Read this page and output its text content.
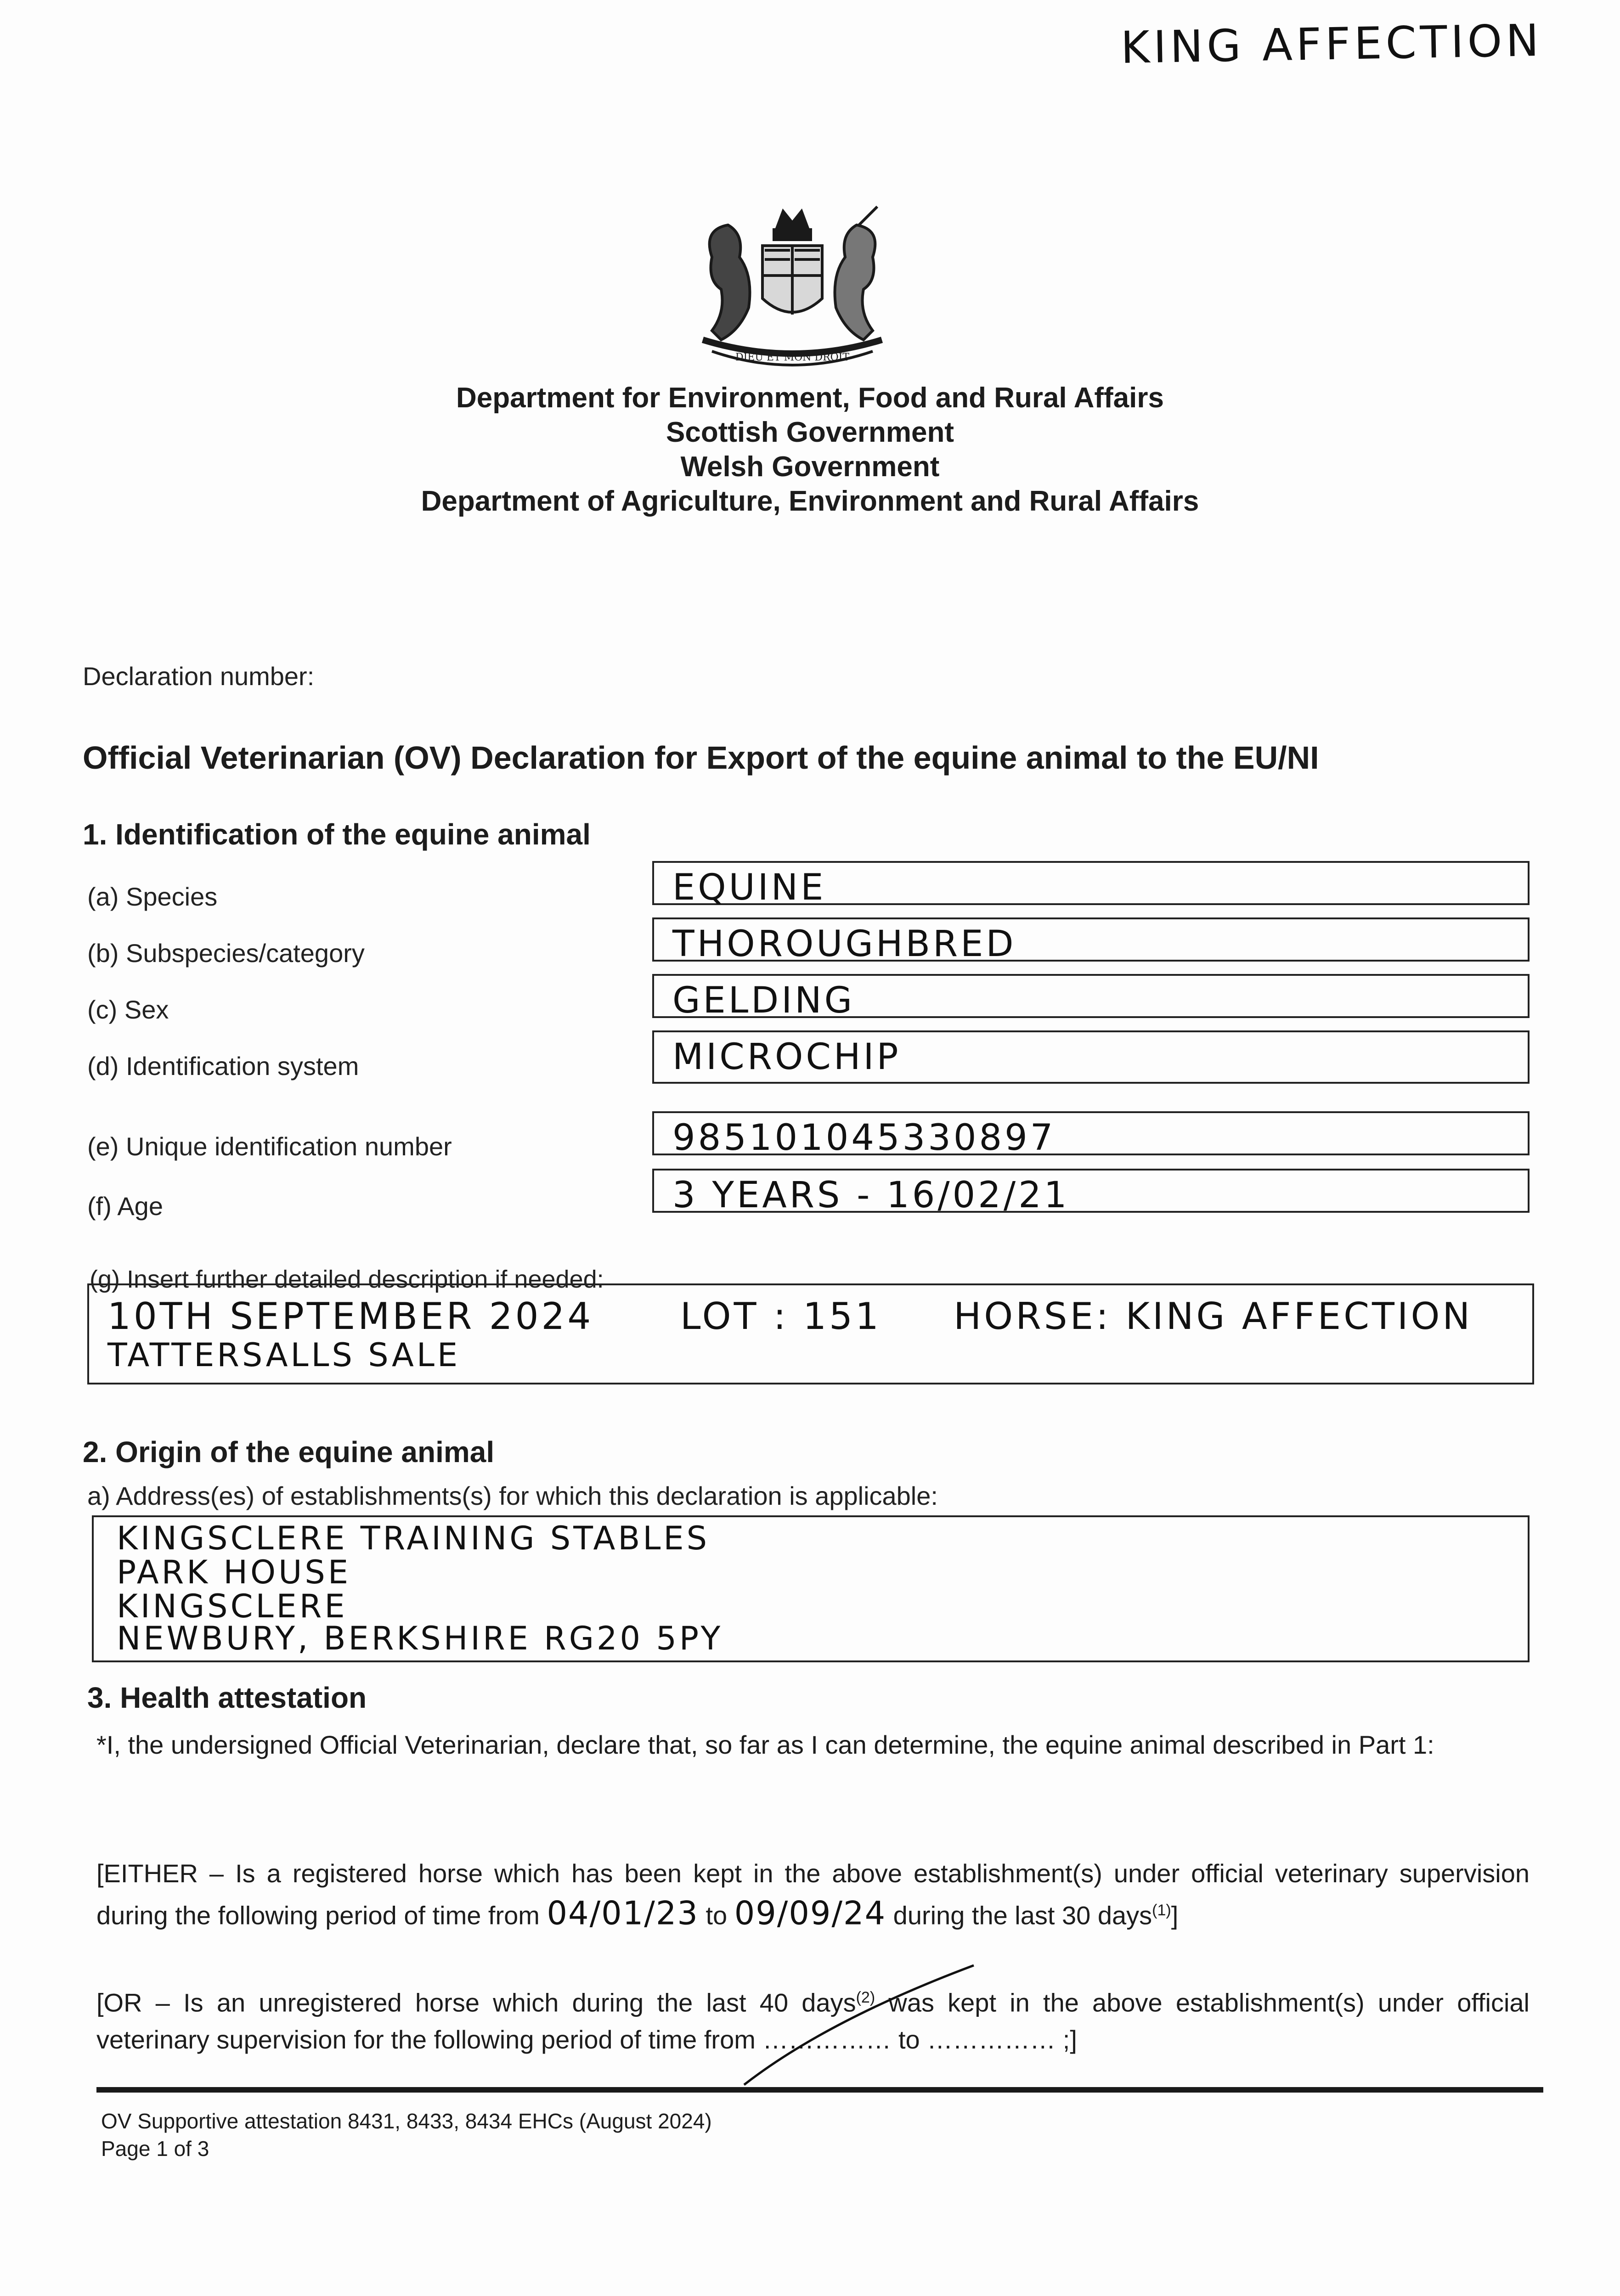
KING AFFECTION
DIEU ET MON DROIT
Department for Environment, Food and Rural Affairs
Scottish Government
Welsh Government
Department of Agriculture, Environment and Rural Affairs
Declaration number:
Official Veterinarian (OV) Declaration for Export of the equine animal to the EU/NI
1. Identification of the equine animal
(a) Species	EQUINE
(b) Subspecies/category	THOROUGHBRED
(c) Sex	GELDING
(d) Identification system	MICROCHIP
(e) Unique identification number	985101045330897
(f) Age	3 YEARS - 16/02/21
(g) Insert further detailed description if needed:
10TH SEPTEMBER 2024      LOT : 151     HORSE: KING AFFECTION
TATTERSALLS SALE
2. Origin of the equine animal
a) Address(es) of establishments(s) for which this declaration is applicable:
KINGSCLERE TRAINING STABLES
PARK HOUSE
KINGSCLERE
NEWBURY, BERKSHIRE RG20 5PY
3. Health attestation
*I, the undersigned Official Veterinarian, declare that, so far as I can determine, the equine animal described in Part 1:
[EITHER – Is a registered horse which has been kept in the above establishment(s) under official veterinary supervision during the following period of time from 04/01/23 to 09/09/24 during the last 30 days$^{(1)}$]
[OR – Is an unregistered horse which during the last 40 days$^{(2)}$ was kept in the above establishment(s) under official veterinary supervision for the following period of time from …………… to …………… ;]
OV Supportive attestation 8431, 8433, 8434 EHCs (August 2024)
Page 1 of 3
